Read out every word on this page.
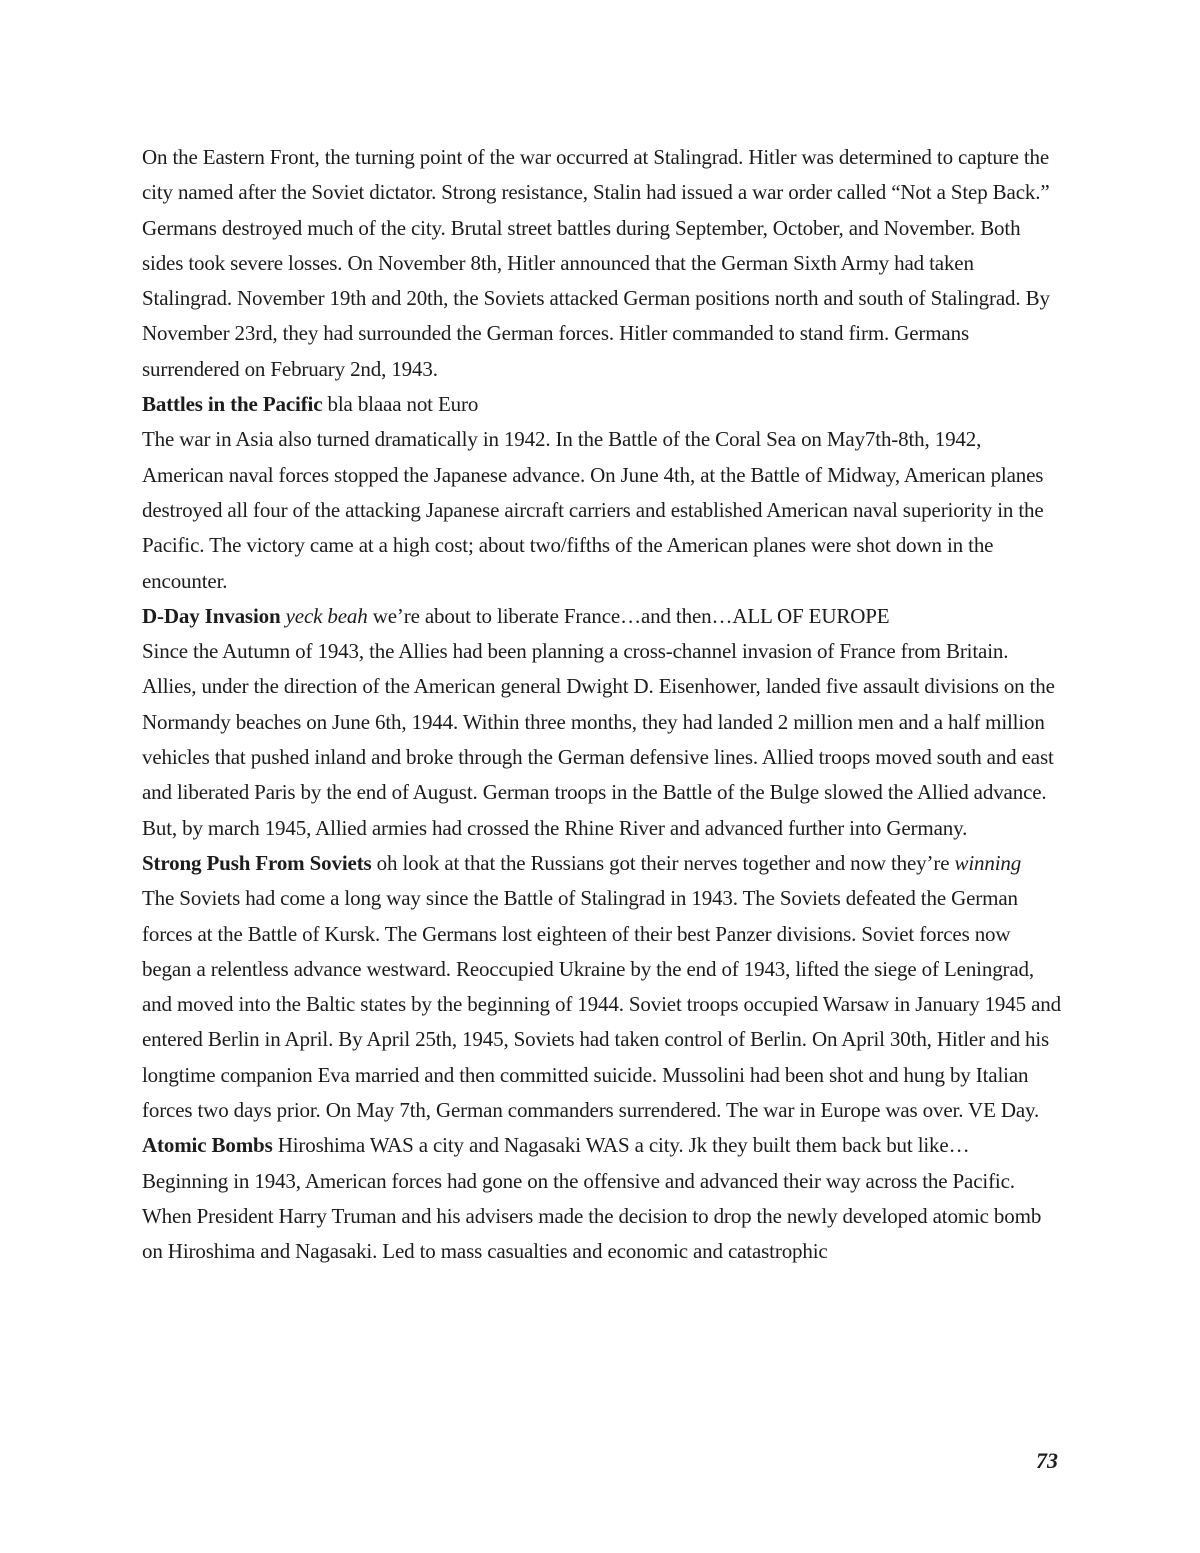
On the Eastern Front, the turning point of the war occurred at Stalingrad. Hitler was determined to capture the city named after the Soviet dictator. Strong resistance, Stalin had issued a war order called “Not a Step Back.” Germans destroyed much of the city. Brutal street battles during September, October, and November. Both sides took severe losses. On November 8th, Hitler announced that the German Sixth Army had taken Stalingrad. November 19th and 20th, the Soviets attacked German positions north and south of Stalingrad. By November 23rd, they had surrounded the German forces. Hitler commanded to stand firm. Germans surrendered on February 2nd, 1943.

Battles in the Pacific bla blaaa not Euro

The war in Asia also turned dramatically in 1942. In the Battle of the Coral Sea on May7th-8th, 1942, American naval forces stopped the Japanese advance. On June 4th, at the Battle of Midway, American planes destroyed all four of the attacking Japanese aircraft carriers and established American naval superiority in the Pacific. The victory came at a high cost; about two/fifths of the American planes were shot down in the encounter.

D-Day Invasion yeck beah we’re about to liberate France…and then…ALL OF EUROPE

Since the Autumn of 1943, the Allies had been planning a cross-channel invasion of France from Britain. Allies, under the direction of the American general Dwight D. Eisenhower, landed five assault divisions on the Normandy beaches on June 6th, 1944. Within three months, they had landed 2 million men and a half million vehicles that pushed inland and broke through the German defensive lines. Allied troops moved south and east and liberated Paris by the end of August. German troops in the Battle of the Bulge slowed the Allied advance. But, by march 1945, Allied armies had crossed the Rhine River and advanced further into Germany.

Strong Push From Soviets oh look at that the Russians got their nerves together and now they’re winning

The Soviets had come a long way since the Battle of Stalingrad in 1943. The Soviets defeated the German forces at the Battle of Kursk. The Germans lost eighteen of their best Panzer divisions. Soviet forces now began a relentless advance westward. Reoccupied Ukraine by the end of 1943, lifted the siege of Leningrad, and moved into the Baltic states by the beginning of 1944. Soviet troops occupied Warsaw in January 1945 and entered Berlin in April. By April 25th, 1945, Soviets had taken control of Berlin. On April 30th, Hitler and his longtime companion Eva married and then committed suicide. Mussolini had been shot and hung by Italian forces two days prior. On May 7th, German commanders surrendered. The war in Europe was over. VE Day.

Atomic Bombs Hiroshima WAS a city and Nagasaki WAS a city. Jk they built them back but like…

Beginning in 1943, American forces had gone on the offensive and advanced their way across the Pacific. When President Harry Truman and his advisers made the decision to drop the newly developed atomic bomb on Hiroshima and Nagasaki. Led to mass casualties and economic and catastrophic

73
